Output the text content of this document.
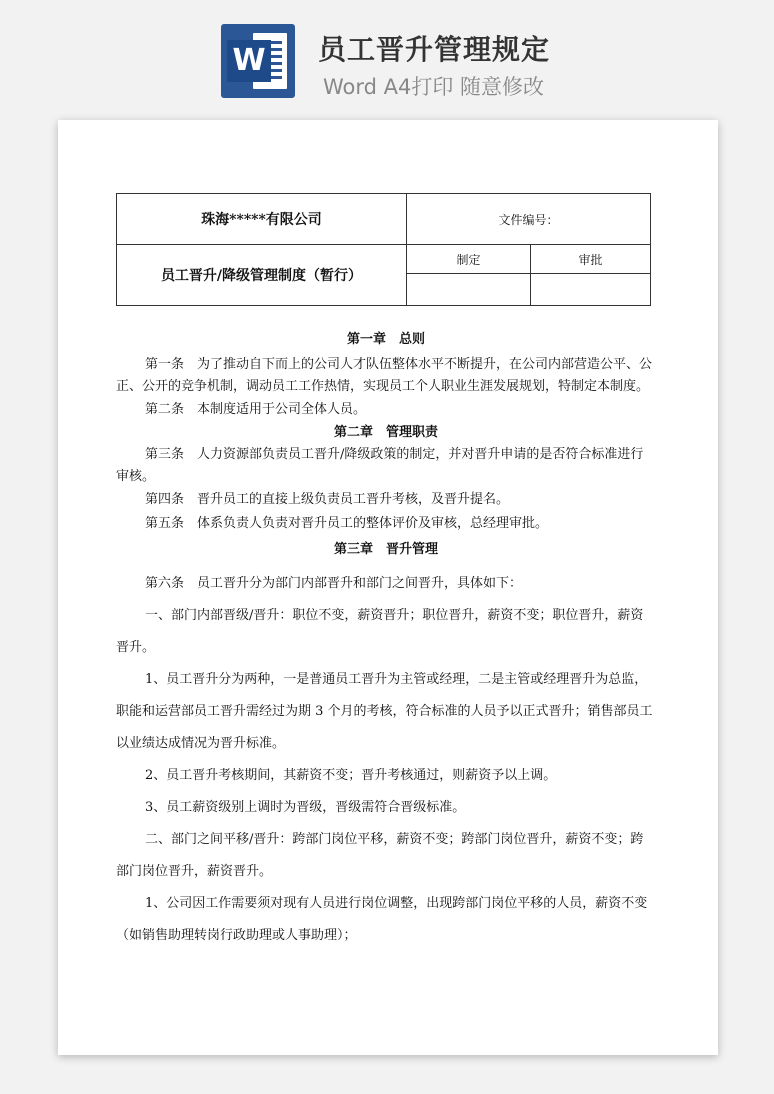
W 员工晋升管理规定
Word A4打印 随意修改
珠海*****有限公司	文件编号：	
员工晋升/降级管理制度（暂行）	制定	审批

第一章　总则

第一条　为了推动自下而上的公司人才队伍整体水平不断提升，在公司内部营造公平、公正、公开的竞争机制，调动员工工作热情，实现员工个人职业生涯发展规划，特制定本制度。

第二条　本制度适用于公司全体人员。

第二章　管理职责

第三条　人力资源部负责员工晋升/降级政策的制定，并对晋升申请的是否符合标准进行审核。

第四条　晋升员工的直接上级负责员工晋升考核，及晋升提名。

第五条　体系负责人负责对晋升员工的整体评价及审核，总经理审批。

第三章　晋升管理

第六条　员工晋升分为部门内部晋升和部门之间晋升，具体如下：

一、部门内部晋级/晋升：职位不变，薪资晋升；职位晋升，薪资不变；职位晋升，薪资晋升。

1、员工晋升分为两种，一是普通员工晋升为主管或经理，二是主管或经理晋升为总监，职能和运营部员工晋升需经过为期 3 个月的考核，符合标准的人员予以正式晋升；销售部员工以业绩达成情况为晋升标准。

2、员工晋升考核期间，其薪资不变；晋升考核通过，则薪资予以上调。

3、员工薪资级别上调时为晋级，晋级需符合晋级标准。

二、部门之间平移/晋升：跨部门岗位平移，薪资不变；跨部门岗位晋升，薪资不变；跨部门岗位晋升，薪资晋升。

1、公司因工作需要须对现有人员进行岗位调整，出现跨部门岗位平移的人员，薪资不变（如销售助理转岗行政助理或人事助理）；
